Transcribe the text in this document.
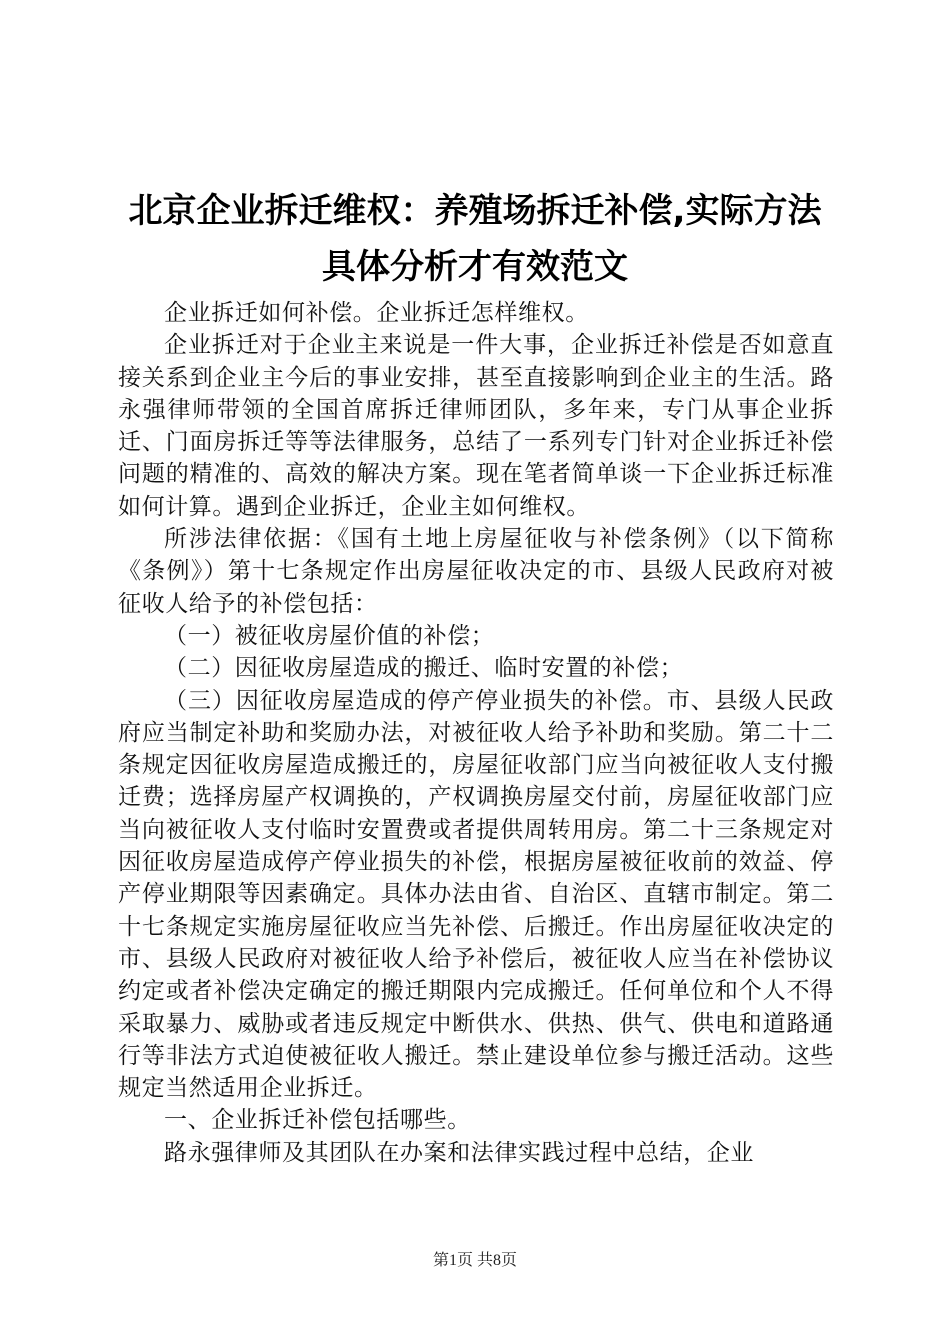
北京企业拆迁维权：养殖场拆迁补偿,实际方法具体分析才有效范文

企业拆迁如何补偿。企业拆迁怎样维权。

企业拆迁对于企业主来说是一件大事，企业拆迁补偿是否如意直接关系到企业主今后的事业安排，甚至直接影响到企业主的生活。路永强律师带领的全国首席拆迁律师团队，多年来，专门从事企业拆迁、门面房拆迁等等法律服务，总结了一系列专门针对企业拆迁补偿问题的精准的、高效的解决方案。现在笔者简单谈一下企业拆迁标准如何计算。遇到企业拆迁，企业主如何维权。

所涉法律依据：《国有土地上房屋征收与补偿条例》（以下简称《条例》）第十七条规定作出房屋征收决定的市、县级人民政府对被征收人给予的补偿包括：

（一）被征收房屋价值的补偿；

（二）因征收房屋造成的搬迁、临时安置的补偿；

（三）因征收房屋造成的停产停业损失的补偿。市、县级人民政府应当制定补助和奖励办法，对被征收人给予补助和奖励。第二十二条规定因征收房屋造成搬迁的，房屋征收部门应当向被征收人支付搬迁费；选择房屋产权调换的，产权调换房屋交付前，房屋征收部门应当向被征收人支付临时安置费或者提供周转用房。第二十三条规定对因征收房屋造成停产停业损失的补偿，根据房屋被征收前的效益、停产停业期限等因素确定。具体办法由省、自治区、直辖市制定。第二十七条规定实施房屋征收应当先补偿、后搬迁。作出房屋征收决定的市、县级人民政府对被征收人给予补偿后，被征收人应当在补偿协议约定或者补偿决定确定的搬迁期限内完成搬迁。任何单位和个人不得采取暴力、威胁或者违反规定中断供水、供热、供气、供电和道路通行等非法方式迫使被征收人搬迁。禁止建设单位参与搬迁活动。这些规定当然适用企业拆迁。

一、企业拆迁补偿包括哪些。

路永强律师及其团队在办案和法律实践过程中总结，企业

第1页 共8页
